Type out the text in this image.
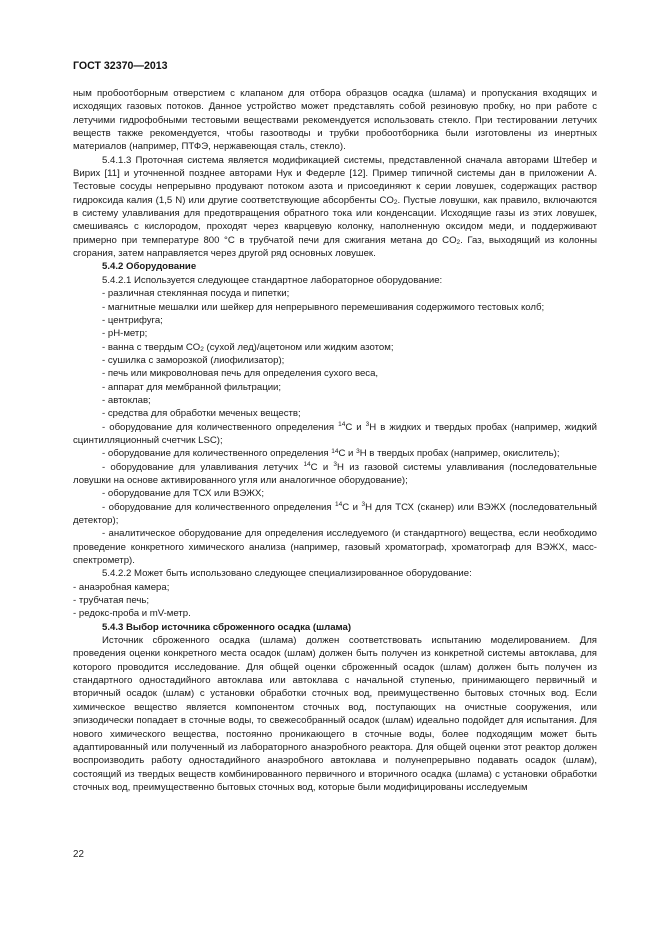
ГОСТ 32370—2013

ным пробоотборным отверстием с клапаном для отбора образцов осадка (шлама) и пропускания входящих и исходящих газовых потоков. Данное устройство может представлять собой резиновую пробку, но при работе с летучими гидрофобными тестовыми веществами рекомендуется использовать стекло. При тестировании летучих веществ также рекомендуется, чтобы газоотводы и трубки пробоотборника были изготовлены из инертных материалов (например, ПТФЭ, нержавеющая сталь, стекло).

5.4.1.3 Проточная система является модификацией системы, представленной сначала авторами Штебер и Вирих [11] и уточненной позднее авторами Нук и Федерле [12]. Пример типичной системы дан в приложении А. Тестовые сосуды непрерывно продувают потоком азота и присоединяют к серии ловушек, содержащих раствор гидроксида калия (1,5 N) или другие соответствующие абсорбенты $CO_2$. Пустые ловушки, как правило, включаются в систему улавливания для предотвращения обратного тока или конденсации. Исходящие газы из этих ловушек, смешиваясь с кислородом, проходят через кварцевую колонку, наполненную оксидом меди, и поддерживают примерно при температуре 800 °С в трубчатой печи для сжигания метана до $CO_2$. Газ, выходящий из колонны сгорания, затем направляется через другой ряд основных ловушек.

5.4.2 Оборудование

5.4.2.1 Используется следующее стандартное лабораторное оборудование:

- различная стеклянная посуда и пипетки;

- магнитные мешалки или шейкер для непрерывного перемешивания содержимого тестовых колб;

- центрифуга;

- рН-метр;

- ванна с твердым $CO_2$ (сухой лед)/ацетоном или жидким азотом;

- сушилка с заморозкой (лиофилизатор);

- печь или микроволновая печь для определения сухого веса,

- аппарат для мембранной фильтрации;

- автоклав;

- средства для обработки меченых веществ;

- оборудование для количественного определения $^{14}$С и $^3$Н в жидких и твердых пробах (например, жидкий сцинтилляционный счетчик LSC);

- оборудование для количественного определения $^{14}$С и $^3$Н в твердых пробах (например, окислитель);

- оборудование для улавливания летучих $^{14}$С и $^3$Н из газовой системы улавливания (последовательные ловушки на основе активированного угля или аналогичное оборудование);

- оборудование для ТСХ или ВЭЖХ;

- оборудование для количественного определения $^{14}$С и $^3$Н для ТСХ (сканер) или ВЭЖХ (последовательный детектор);

- аналитическое оборудование для определения исследуемого (и стандартного) вещества, если необходимо проведение конкретного химического анализа (например, газовый хроматограф, хроматограф для ВЭЖХ, масс-спектрометр).

5.4.2.2 Может быть использовано следующее специализированное оборудование:

- анаэробная камера;

- трубчатая печь;

- редокс-проба и mV-метр.

5.4.3 Выбор источника сброженного осадка (шлама)

Источник сброженного осадка (шлама) должен соответствовать испытанию моделированием. Для проведения оценки конкретного места осадок (шлам) должен быть получен из конкретной системы автоклава, для которого проводится исследование. Для общей оценки сброженный осадок (шлам) должен быть получен из стандартного одностадийного автоклава или автоклава с начальной ступенью, принимающего первичный и вторичный осадок (шлам) с установки обработки сточных вод, преимущественно бытовых сточных вод. Если химическое вещество является компонентом сточных вод, поступающих на очистные сооружения, или эпизодически попадает в сточные воды, то свежесобранный осадок (шлам) идеально подойдет для испытания. Для нового химического вещества, постоянно проникающего в сточные воды, более подходящим может быть адаптированный или полученный из лабораторного анаэробного реактора. Для общей оценки этот реактор должен воспроизводить работу одностадийного анаэробного автоклава и полунепрерывно подавать осадок (шлам), состоящий из твердых веществ комбинированного первичного и вторичного осадка (шлама) с установки обработки сточных вод, преимущественно бытовых сточных вод, которые были модифицированы исследуемым

22
